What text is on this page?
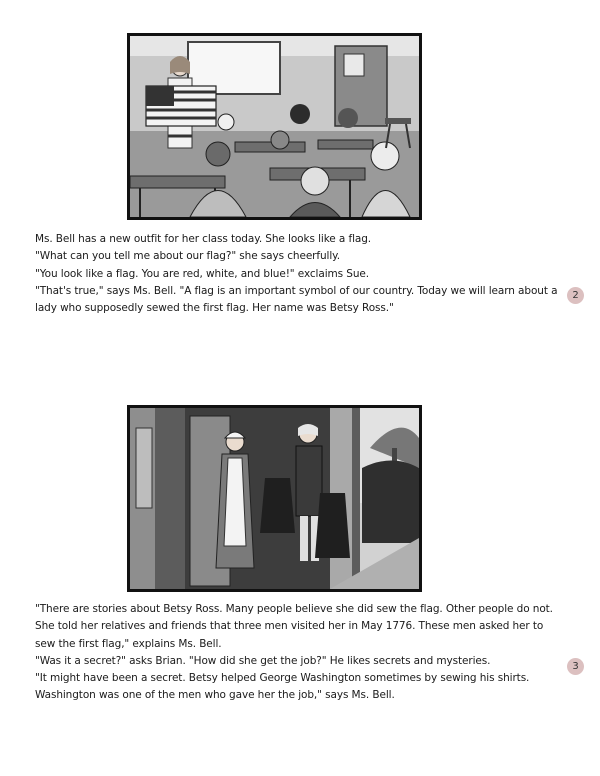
Ms. Bell has a new outfit for her class today. She looks like a flag.

"What can you tell me about our flag?" she says cheerfully.

"You look like a flag. You are red, white, and blue!" exclaims Sue.

"That's true," says Ms. Bell. "A flag is an important symbol of our country. Today we will learn about a lady who supposedly sewed the first flag. Her name was Betsy Ross."

2

"There are stories about Betsy Ross. Many people believe she did sew the flag. Other people do not. She told her relatives and friends that three men visited her in May 1776. These men asked her to sew the first flag," explains Ms. Bell.

"Was it a secret?" asks Brian. "How did she get the job?" He likes secrets and mysteries.

"It might have been a secret. Betsy helped George Washington sometimes by sewing his shirts. Washington was one of the men who gave her the job," says Ms. Bell.

3
